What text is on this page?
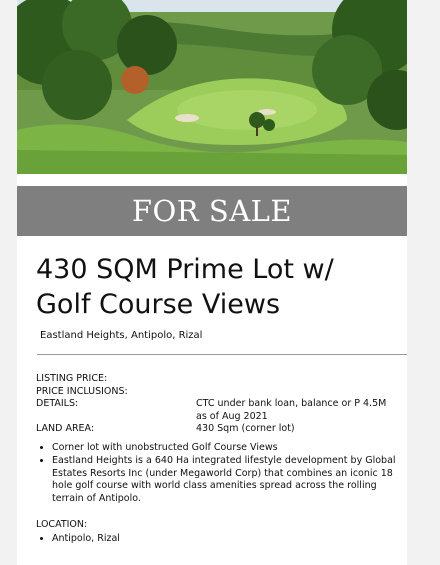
FOR SALE
430 SQM Prime Lot w/
Golf Course Views
Eastland Heights, Antipolo, Rizal
LISTING PRICE:
PRICE INCLUSIONS:
DETAILS:	CTC under bank loan, balance or P 4.5M
as of Aug 2021
LAND AREA:	430 Sqm (corner lot)
• Corner lot with unobstructed Golf Course Views
• Eastland Heights is a 640 Ha integrated lifestyle development by Global Estates Resorts Inc (under Megaworld Corp) that combines an iconic 18 hole golf course with world class amenities spread across the rolling terrain of Antipolo.
LOCATION:
• Antipolo, Rizal
